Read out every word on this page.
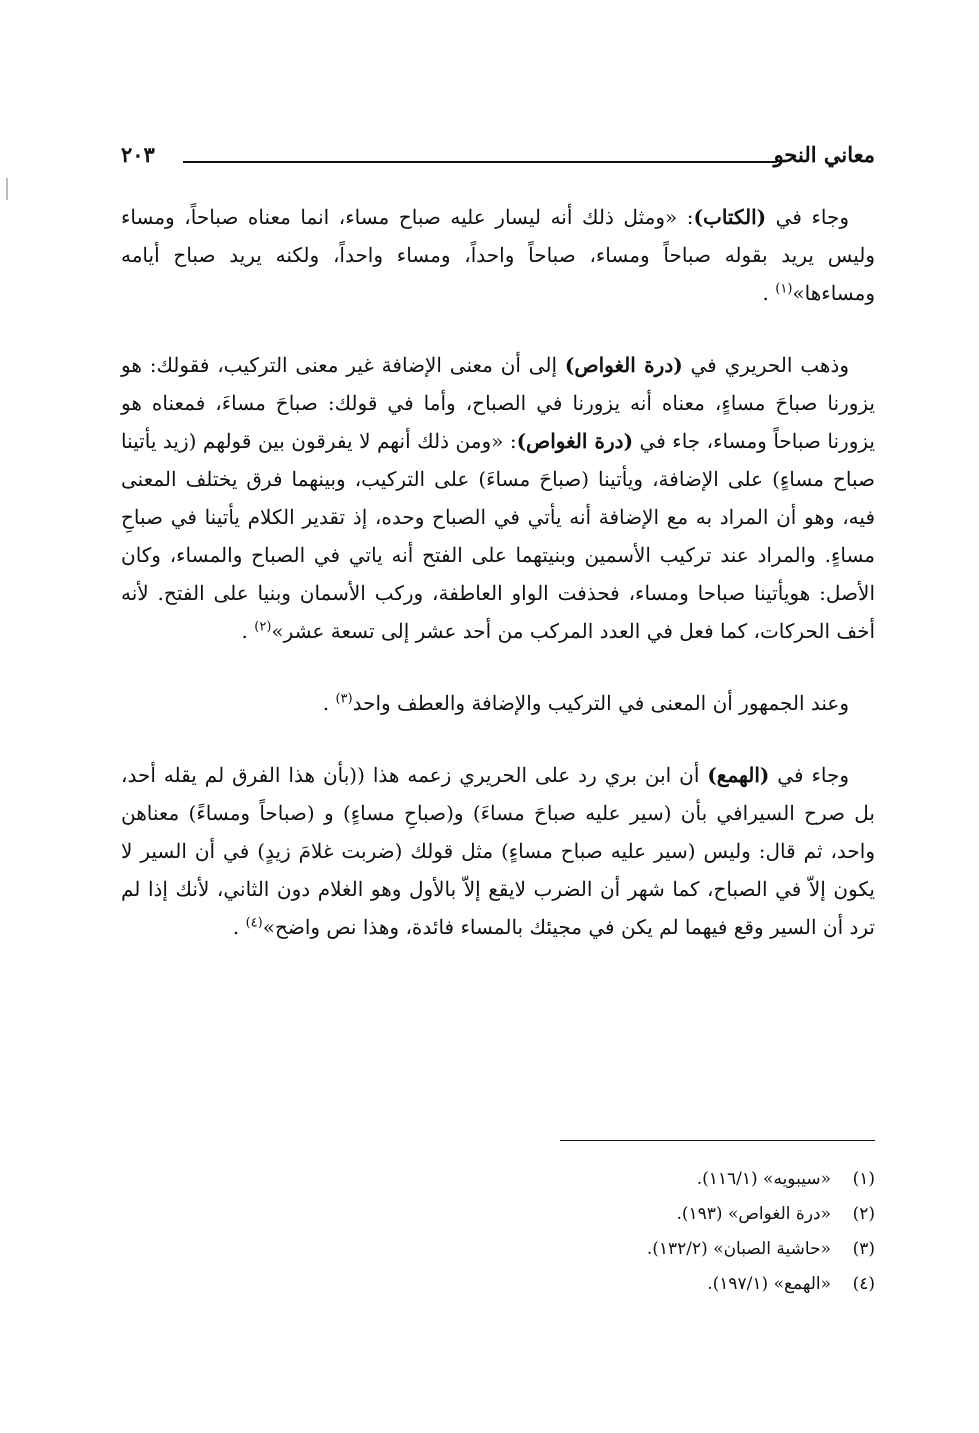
معاني النحو
٢٠٣

وجاء في (الكتاب): «ومثل ذلك أنه ليسار عليه صباح مساء، انما معناه صباحاً، ومساء وليس يريد بقوله صباحاً ومساء، صباحاً واحداً، ومساء واحداً، ولكنه يريد صباح أيامه ومساءها»$^{(١)}$ .

وذهب الحريري في (درة الغواص) إلى أن معنى الإضافة غير معنى التركيب، فقولك: هو يزورنا صباحَ مساءٍ، معناه أنه يزورنا في الصباح، وأما في قولك: صباحَ مساءَ، فمعناه هو يزورنا صباحاً ومساء، جاء في (درة الغواص): «ومن ذلك أنهم لا يفرقون بين قولهم (زيد يأتينا صباح مساءٍ) على الإضافة، ويأتينا (صباحَ مساءَ) على التركيب، وبينهما فرق يختلف المعنى فيه، وهو أن المراد به مع الإضافة أنه يأتي في الصباح وحده، إذ تقدير الكلام يأتينا في صباحِ مساءٍ. والمراد عند تركيب الأسمين وبنيتهما على الفتح أنه ياتي في الصباح والمساء، وكان الأصل: هويأتينا صباحا ومساء، فحذفت الواو العاطفة، وركب الأسمان وبنيا على الفتح. لأنه أخف الحركات، كما فعل في العدد المركب من أحد عشر إلى تسعة عشر»$^{(٢)}$ .

وعند الجمهور أن المعنى في التركيب والإضافة والعطف واحد$^{(٣)}$ .

وجاء في (الهمع) أن ابن بري رد على الحريري زعمه هذا ((بأن هذا الفرق لم يقله أحد، بل صرح السيرافي بأن (سير عليه صباحَ مساءَ) و(صباحِ مساءٍ) و (صباحاً ومساءً) معناهن واحد، ثم قال: وليس (سير عليه صباح مساءٍ) مثل قولك (ضربت غلامَ زيدٍ) في أن السير لا يكون إلاّ في الصباح، كما شهر أن الضرب لايقع إلاّ بالأول وهو الغلام دون الثاني، لأنك إذا لم ترد أن السير وقع فيهما لم يكن في مجيئك بالمساء فائدة، وهذا نص واضح»$^{(٤)}$ .

(١)«سيبويه» (١١٦/١).
(٢)«درة الغواص» (١٩٣).
(٣)«حاشية الصبان» (١٣٢/٢).
(٤)«الهمع» (١٩٧/١).
